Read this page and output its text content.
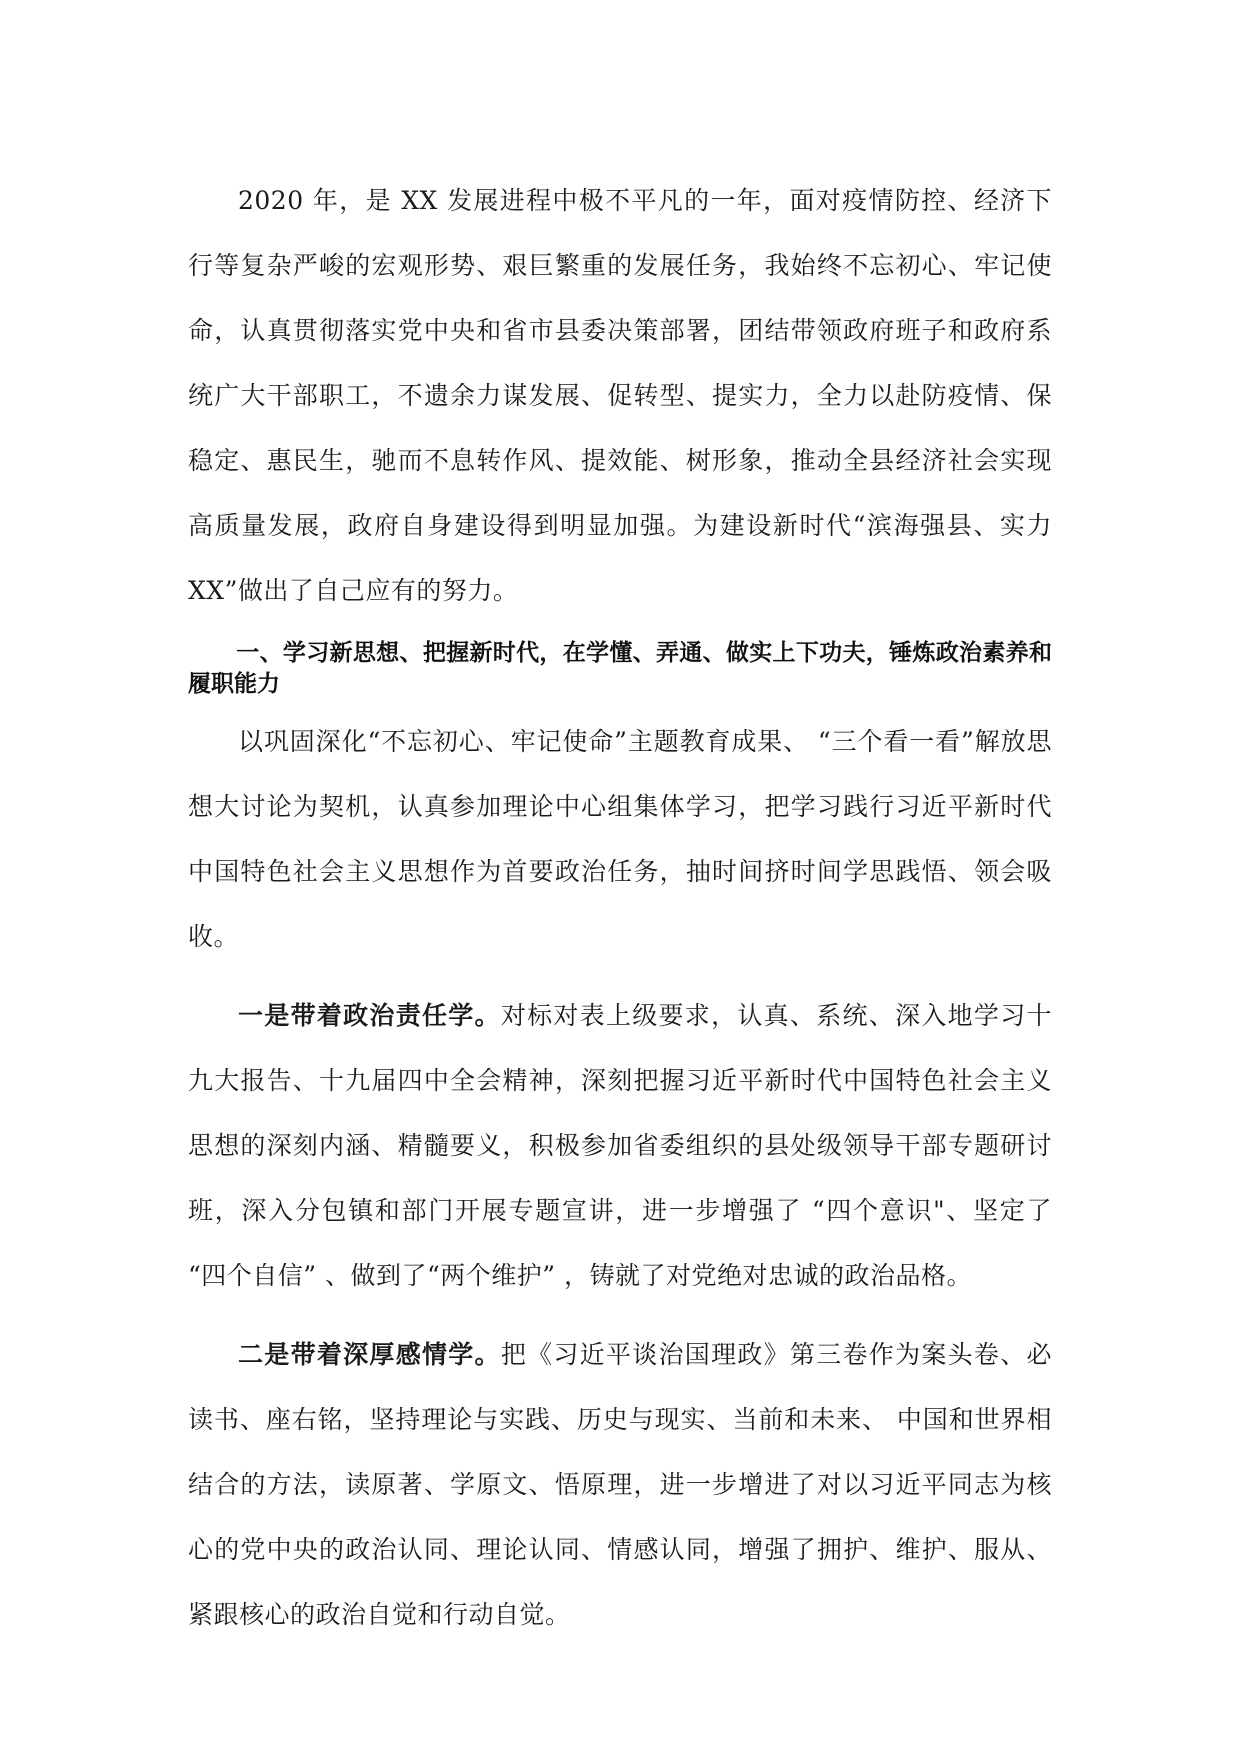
2020 年，是 XX 发展进程中极不平凡的一年，面对疫情防控、经济下行等复杂严峻的宏观形势、艰巨繁重的发展任务，我始终不忘初心、牢记使命，认真贯彻落实党中央和省市县委决策部署，团结带领政府班子和政府系统广大干部职工，不遗余力谋发展、促转型、提实力，全力以赴防疫情、保稳定、惠民生，驰而不息转作风、提效能、树形象，推动全县经济社会实现高质量发展，政府自身建设得到明显加强。为建设新时代“滨海强县、实力 XX”做出了自己应有的努力。

一、学习新思想、把握新时代，在学懂、弄通、做实上下功夫，锤炼政治素养和履职能力

以巩固深化“不忘初心、牢记使命”主题教育成果、 “三个看一看”解放思想大讨论为契机，认真参加理论中心组集体学习，把学习践行习近平新时代中国特色社会主义思想作为首要政治任务，抽时间挤时间学思践悟、领会吸收。

一是带着政治责任学。对标对表上级要求，认真、系统、深入地学习十九大报告、十九届四中全会精神，深刻把握习近平新时代中国特色社会主义思想的深刻内涵、精髓要义，积极参加省委组织的县处级领导干部专题研讨班，深入分包镇和部门开展专题宣讲，进一步增强了 “四个意识"、坚定了 “四个自信” 、做到了“两个维护” ，铸就了对党绝对忠诚的政治品格。

二是带着深厚感情学。把《习近平谈治国理政》第三卷作为案头卷、必读书、座右铭，坚持理论与实践、历史与现实、当前和未来、 中国和世界相结合的方法，读原著、学原文、悟原理，进一步增进了对以习近平同志为核心的党中央的政治认同、理论认同、情感认同，增强了拥护、维护、服从、紧跟核心的政治自觉和行动自觉。
